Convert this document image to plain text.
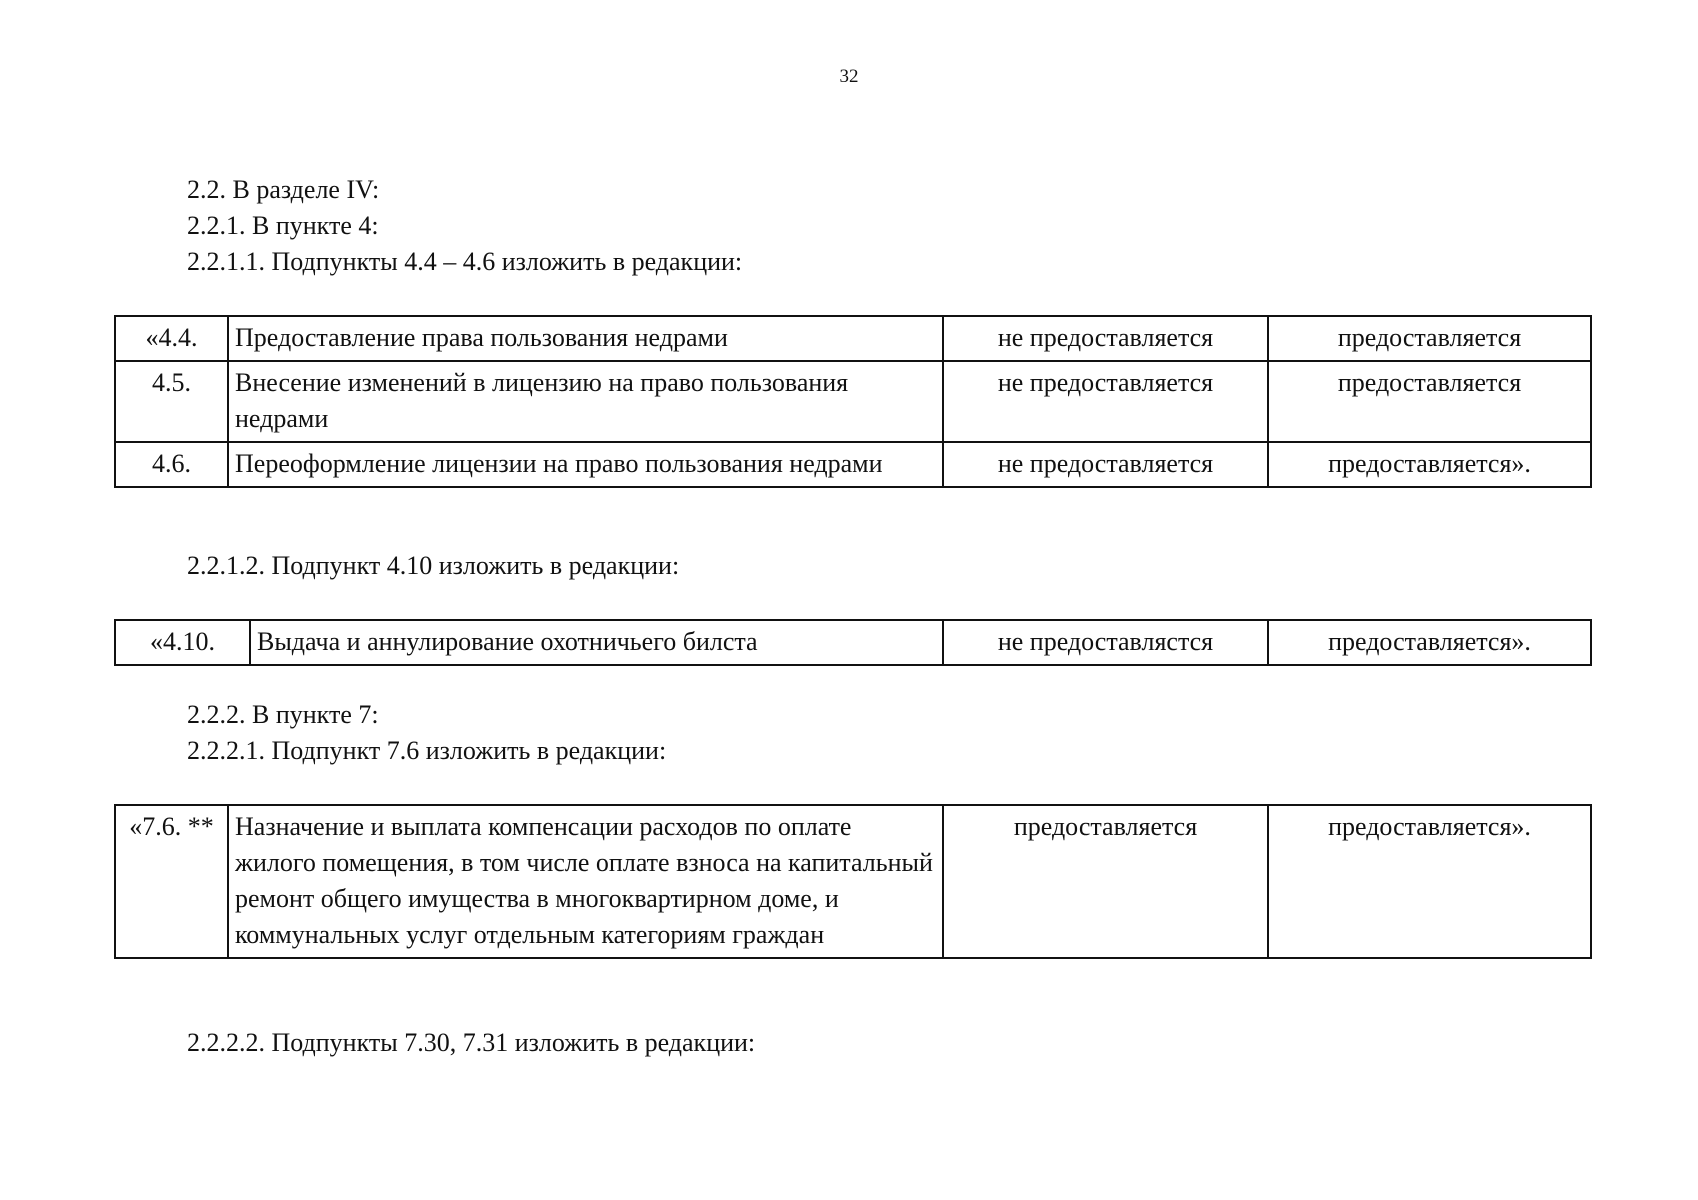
32
2.2. В разделе IV:
2.2.1. В пункте 4:
2.2.1.1. Подпункты 4.4 – 4.6 изложить в редакции:
«4.4.	Предоставление права пользования недрами	не предоставляется	предоставляется
4.5.	Внесение изменений в лицензию на право пользования недрами	не предоставляется	предоставляется
4.6.	Переоформление лицензии на право пользования недрами	не предоставляется	предоставляется».
2.2.1.2. Подпункт 4.10 изложить в редакции:
«4.10.	Выдача и аннулирование охотничьего билста	не предоставлястся	предоставляется».
2.2.2. В пункте 7:
2.2.2.1. Подпункт 7.6 изложить в редакции:
«7.6. **	Назначение и выплата компенсации расходов по оплате жилого помещения, в том числе оплате взноса на капитальный ремонт общего имущества в многоквартирном доме, и коммунальных услуг отдельным категориям граждан	предоставляется	предоставляется».
2.2.2.2. Подпункты 7.30, 7.31 изложить в редакции:
